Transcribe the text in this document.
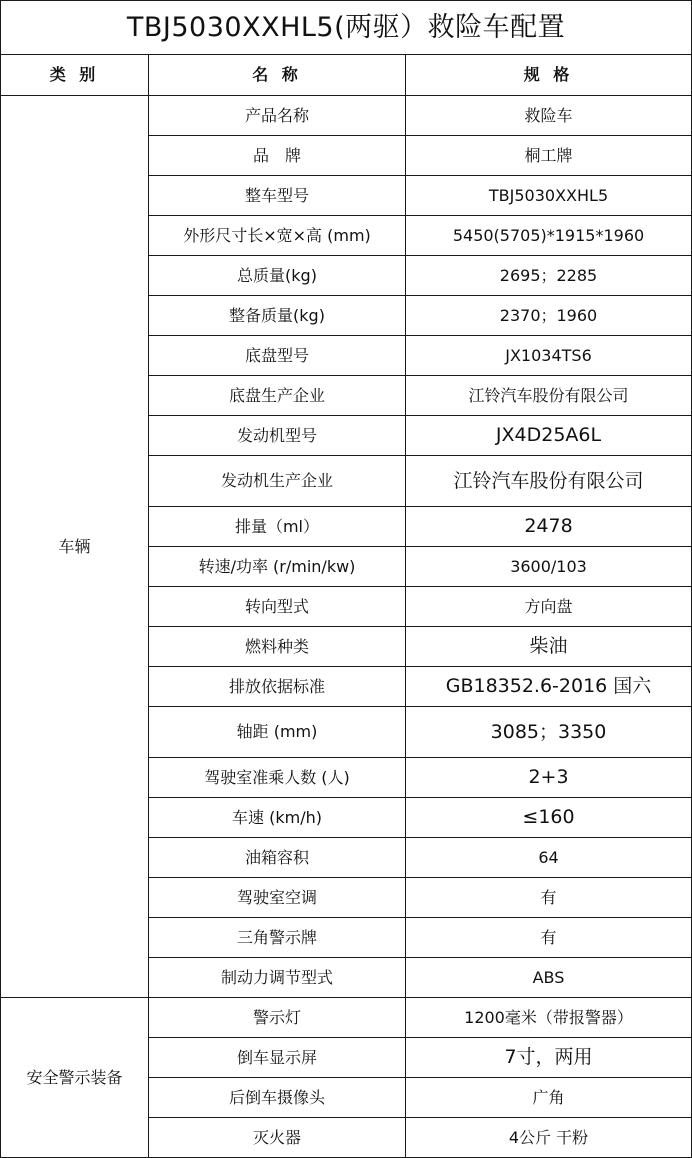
TBJ5030XXHL5(两驱）救险车配置		
类 别	名 称	规 格
车辆	产品名称	救险车
	品　牌	桐工牌
	整车型号	TBJ5030XXHL5
	外形尺寸长×宽×高 (mm)	5450(5705)*1915*1960
	总质量(kg)	2695；2285
	整备质量(kg)	2370；1960
	底盘型号	JX1034TS6
	底盘生产企业	江铃汽车股份有限公司
	发动机型号	JX4D25A6L
	发动机生产企业	江铃汽车股份有限公司
	排量（ml）	2478
	转速/功率 (r/min/kw)	3600/103
	转向型式	方向盘
	燃料种类	柴油
	排放依据标准	GB18352.6-2016 国六
	轴距 (mm)	3085；3350
	驾驶室准乘人数 (人)	2+3
	车速 (km/h)	≤160
	油箱容积	64
	驾驶室空调	有
	三角警示牌	有
	制动力调节型式	ABS
安全警示装备	警示灯	1200毫米（带报警器）
	倒车显示屏	7寸，两用
	后倒车摄像头	广角
	灭火器	4公斤 干粉
